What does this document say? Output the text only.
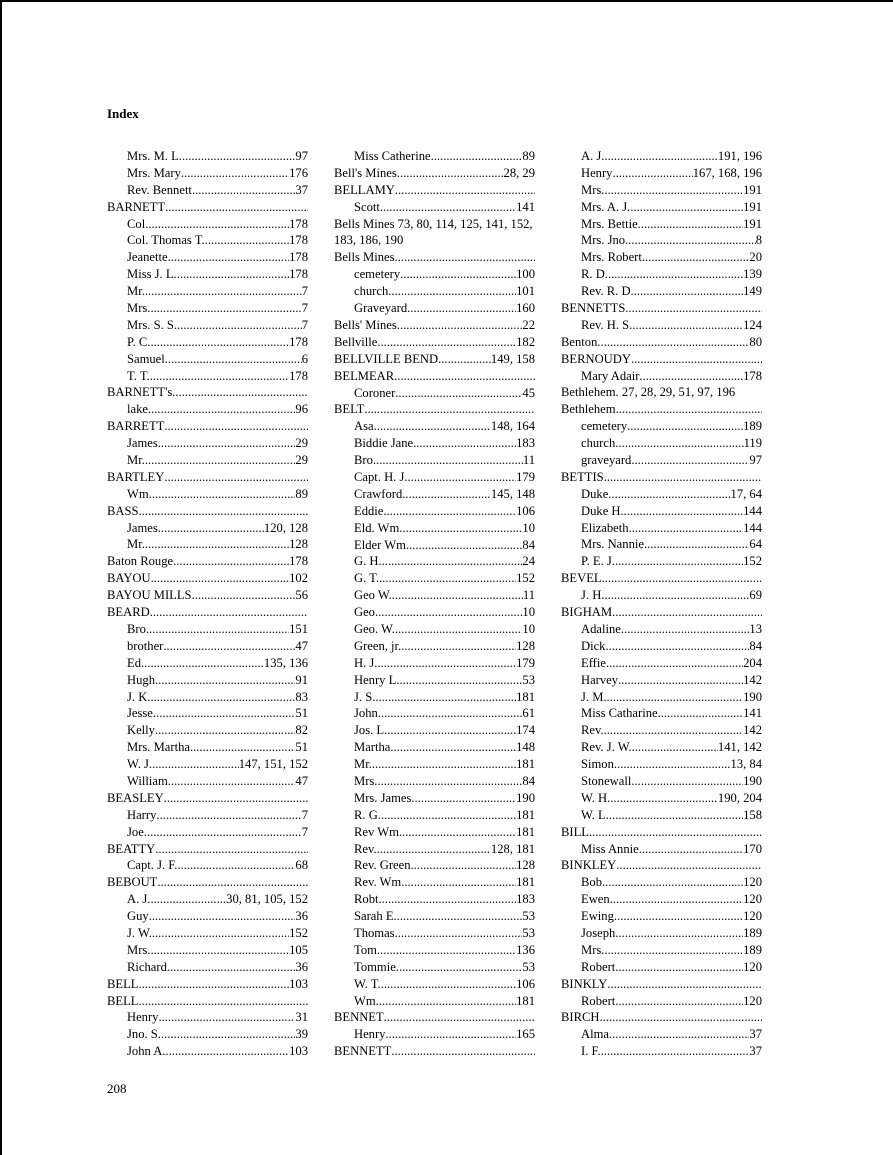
Index
Mrs. M. L. .....	97
Mrs. Mary .....	176
Rev. Bennett .....	37
BARNETT
.....
Col. .....	178
Col. Thomas T. .....	178
Jeanette .....	178
Miss J. L. .....	178
Mr. .....	7
Mrs. .....	7
Mrs. S. S. .....	7
P. C. .....	178
Samuel .....	6
T. T. .....	178
BARNETT's
.....
lake .....	96
BARRETT
.....
James .....	29
Mr. .....	29
BARTLEY
.....
Wm. .....	89
BASS
.....
James .....	120, 128
Mr. .....	128
Baton Rouge .....	178
BAYOU .....	102
BAYOU MILLS .....	56
BEARD
.....
Bro. .....	151
brother .....	47
Ed. .....	135, 136
Hugh .....	91
J. K. .....	83
Jesse .....	51
Kelly .....	82
Mrs. Martha .....	51
W. J. .....	147, 151, 152
William .....	47
BEASLEY
.....
Harry .....	7
Joe .....	7
BEATTY
.....
Capt. J. F. .....	68
BEBOUT
.....
A. J. .....	30, 81, 105, 152
Guy .....	36
J. W. .....	152
Mrs. .....	105
Richard .....	36
BELL .....	103
BELL
.....
Henry .....	31
Jno. S. .....	39
John A. .....	103
Miss Catherine .....	89
Bell's Mines .....	28, 29
BELLAMY
.....
Scott .....	141
Bells Mines 73, 80, 114, 125, 141, 152, 183, 186, 190
Bells Mines
.....
cemetery .....	100
church .....	101
Graveyard .....	160
Bells' Mines .....	22
Bellville .....	182
BELLVILLE BEND .....	149, 158
BELMEAR
.....
Coroner .....	45
BELT
.....
Asa .....	148, 164
Biddie Jane .....	183
Bro. .....	11
Capt. H. J. .....	179
Crawford .....	145, 148
Eddie .....	106
Eld. Wm. .....	10
Elder Wm. .....	84
G. H. .....	24
G. T. .....	152
Geo W. .....	11
Geo. .....	10
Geo. W. .....	10
Green, jr. .....	128
H. J. .....	179
Henry L. .....	53
J. S. .....	181
John .....	61
Jos. L. .....	174
Martha .....	148
Mr. .....	181
Mrs. .....	84
Mrs. James .....	190
R. G. .....	181
Rev Wm. .....	181
Rev. .....	128, 181
Rev. Green .....	128
Rev. Wm. .....	181
Robt. .....	183
Sarah E. .....	53
Thomas .....	53
Tom .....	136
Tommie .....	53
W. T. .....	106
Wm. .....	181
BENNET
.....
Henry .....	165
BENNETT
.....
A. J. .....	191, 196
Henry .....	167, 168, 196
Mrs. .....	191
Mrs. A. J. .....	191
Mrs. Bettie .....	191
Mrs. Jno. .....	8
Mrs. Robert .....	20
R. D. .....	139
Rev. R. D. .....	149
BENNETTS
.....
Rev. H. S. .....	124
Benton .....	80
BERNOUDY
.....
Mary Adair .....	178
Bethlehem. 27, 28, 29, 51, 97, 196
Bethlehem
.....
cemetery .....	189
church .....	119
graveyard .....	97
BETTIS
.....
Duke .....	17, 64
Duke H. .....	144
Elizabeth .....	144
Mrs. Nannie .....	64
P. E. J. .....	152
BEVEL
.....
J. H. .....	69
BIGHAM
.....
Adaline .....	13
Dick .....	84
Effie .....	204
Harvey .....	142
J. M. .....	190
Miss Catharine .....	141
Rev. .....	142
Rev. J. W. .....	141, 142
Simon .....	13, 84
Stonewall .....	190
W. H. .....	190, 204
W. L. .....	158
BILL
.....
Miss Annie .....	170
BINKLEY
.....
Bob .....	120
Ewen .....	120
Ewing .....	120
Joseph .....	189
Mrs. .....	189
Robert .....	120
BINKLY
.....
Robert .....	120
BIRCH
.....
Alma .....	37
I. F. .....	37
208
